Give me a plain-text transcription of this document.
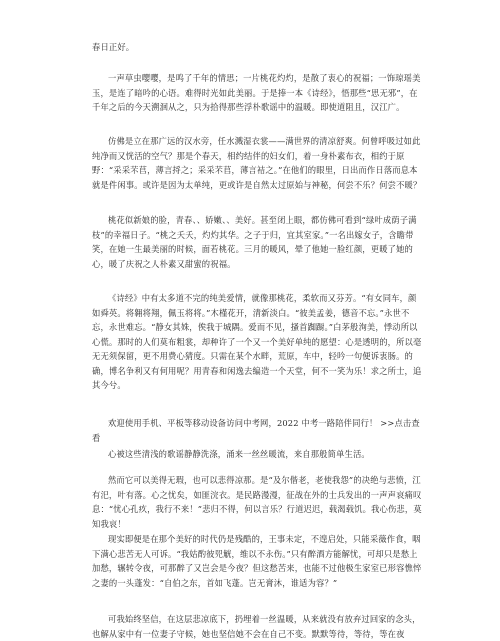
春日正好。

一声草虫嘤嘤，是鸣了千年的情思；一片桃花灼灼，是散了衷心的祝福；一饰琼瑶美玉，是连了暗吟的心语。难得时光如此美丽。于是捧一本《诗经》，悟那些“思无邪”，在千年之后的今天溯洄从之，只为拾得那些浮朴歌谣中的温暖。即使道阻且，汉江广。

仿佛是立在那广远的汉水旁，任水溅湿衣裳——满世界的清凉舒爽。何曾呼吸过如此纯净而又恍活的空气？那是个春天，相约结伴的妇女们，着一身朴素布衣，相约于原野：“采采芣苢，薄言捋之；采采芣苢，薄言袺之。”在他们的眼里，日出而作日落而息本就是件闲事。或许是因为太单纯，更或许是自然太过原始与神秘，何尝不乐？何尝不暖？

桃花似新娘的脸，青春、、娇嫩、、美好。甚至闭上眼，都仿佛可看到“绿叶成荫子满枝”的幸福日子。“桃之夭夭，灼灼其华。之子于归，宜其室家。”一名出嫁女子，含瞻带笑，在她一生最美丽的时候，面若桃花。三月的暖风，晕了他她一脸红颜，更暖了她的心，暖了庆祝之人朴素又甜蜜的祝福。

《诗经》中有太多道不完的纯美爱情，就像那桃花，柔软而又芬芳。“有女同车，颜如舜英。将翱将翔，佩玉将将。”木槿花开，清新淡白。“彼美孟姜，德音不忘。”永世不忘，永世难忘。“静女其姝，俟我于城隅。爱而不见，搔首踟蹰。”白茅般洵美，悸动所以心慌。那时的人们莫布粗裳，却种许了一个又一个美好单纯的愿望：心是透明的，所以毫无无须保留，更不用费心猜度。只需在某个水畔，荒原，车中，轻吟一句便诉衷肠。的确，博名争利又有何用呢？用青春和闲逸去编造一个天堂，何不一笑为乐！求之所士，追其今兮。

欢迎使用手机、平板等移动设备访问中考网，2022 中考一路陪伴同行！ >>点击查看

心被这些清浅的歌谣静静洗涤，涌来一丝丝暖流，来自那般简单生活。

然而它可以美得无瑕，也可以悲得凉那。是“及尔偕老，老使我怨”的决绝与悲愤，江有汜，叶有落。心之忧矣，如匪浣衣。是民路漫漫，征战在外的士兵发出的一声声哀痛叹息：“忧心孔疚，我行不来！”悲归不得，何以言乐？行道迟迟，载渴载饥。我心伤悲，莫知我哀！

现实即便是在那个美好的时代仍是残酷的，王事未定，不遑启处，只能采薇作食，咽下满心悲苦无人可诉。“我姑酌彼兕觥，维以不永伤。”只有醉酒方能解忧，可却只是愁上加愁，辗转令夜，可那醉了又岂会是今夜？但这愁苦来，也能不过他极生家室已形容憔悴之妻的一头蓬发：“自伯之东，首如飞蓬。岂无膏沐，谁适为容？”

可我始终坚信，在这层悲凉底下，扔埋着一丝温暖，从来就没有放弃过回家的念头，也解从家中有一位妻子守候，她也坚信她不会在自己不变。默默等待，等待，等在夜
